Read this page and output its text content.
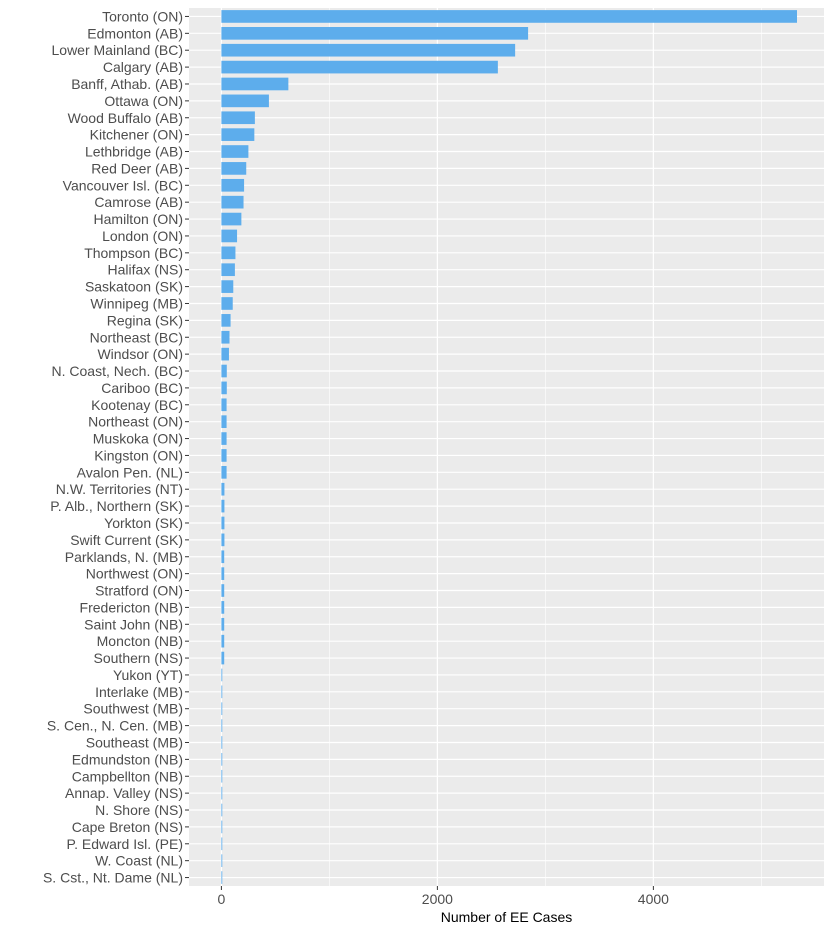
Toronto (ON)
Edmonton (AB)
Lower Mainland (BC)
Calgary (AB)
Banff, Athab. (AB)
Ottawa (ON)
Wood Buffalo (AB)
Kitchener (ON)
Lethbridge (AB)
Red Deer (AB)
Vancouver Isl. (BC)
Camrose (AB)
Hamilton (ON)
London (ON)
Thompson (BC)
Halifax (NS)
Saskatoon (SK)
Winnipeg (MB)
Regina (SK)
Northeast (BC)
Windsor (ON)
N. Coast, Nech. (BC)
Cariboo (BC)
Kootenay (BC)
Northeast (ON)
Muskoka (ON)
Kingston (ON)
Avalon Pen. (NL)
N.W. Territories (NT)
P. Alb., Northern (SK)
Yorkton (SK)
Swift Current (SK)
Parklands, N. (MB)
Northwest (ON)
Stratford (ON)
Fredericton (NB)
Saint John (NB)
Moncton (NB)
Southern (NS)
Yukon (YT)
Interlake (MB)
Southwest (MB)
S. Cen., N. Cen. (MB)
Southeast (MB)
Edmundston (NB)
Campbellton (NB)
Annap. Valley (NS)
N. Shore (NS)
Cape Breton (NS)
P. Edward Isl. (PE)
W. Coast (NL)
S. Cst., Nt. Dame (NL)
0	2000	4000
Number of EE Cases
